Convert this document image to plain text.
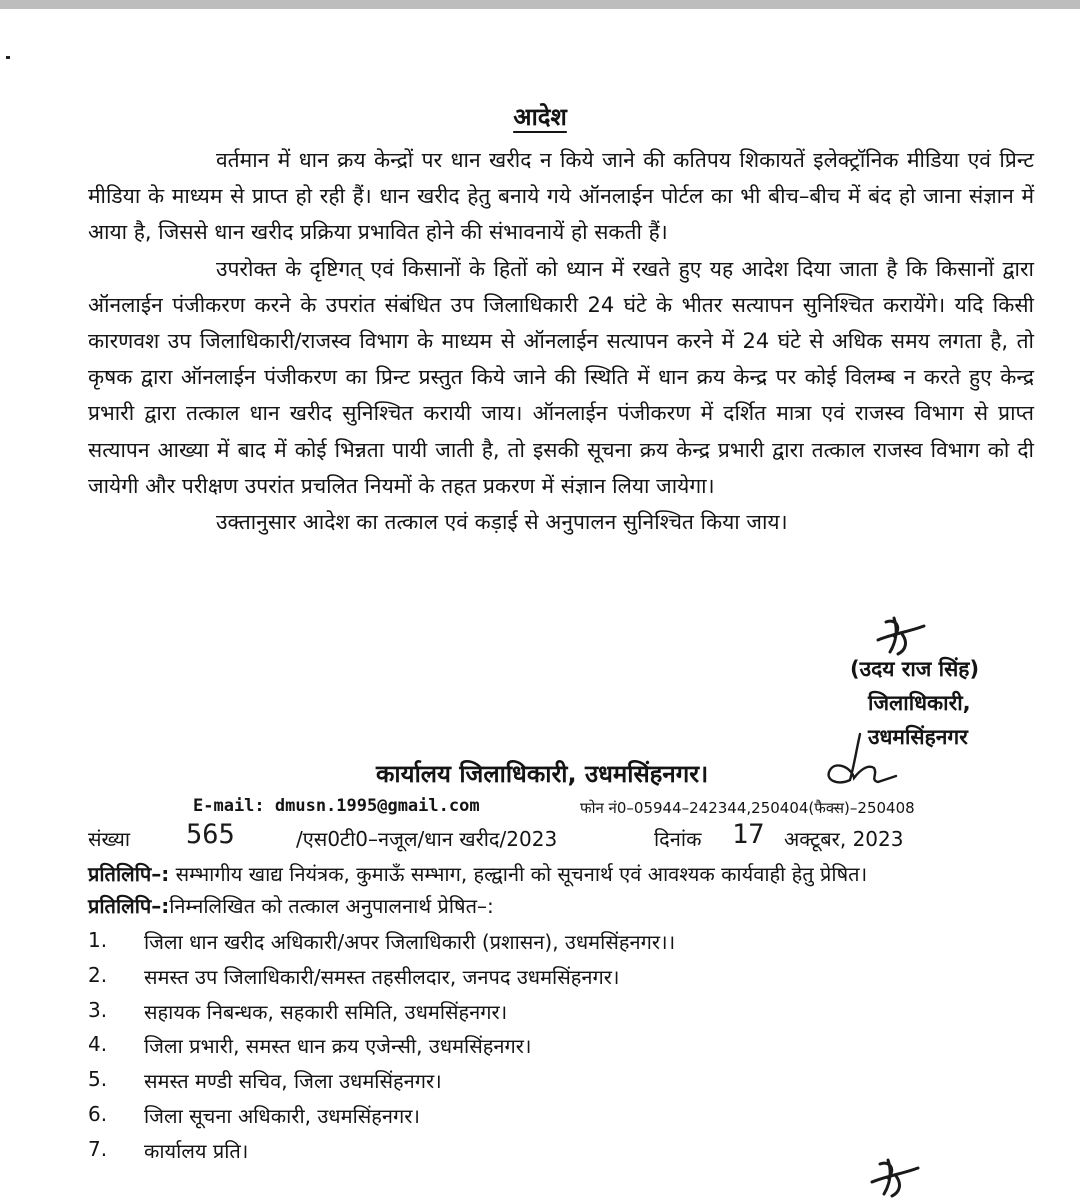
आदेश

वर्तमान में धान क्रय केन्द्रों पर धान खरीद न किये जाने की कतिपय शिकायतें इलेक्ट्रॉनिक मीडिया एवं प्रिन्ट मीडिया के माध्यम से प्राप्त हो रही हैं। धान खरीद हेतु बनाये गये ऑनलाईन पोर्टल का भी बीच–बीच में बंद हो जाना संज्ञान में आया है, जिससे धान खरीद प्रक्रिया प्रभावित होने की संभावनायें हो सकती हैं।

उपरोक्त के दृष्टिगत् एवं किसानों के हितों को ध्यान में रखते हुए यह आदेश दिया जाता है कि किसानों द्वारा ऑनलाईन पंजीकरण करने के उपरांत संबंधित उप जिलाधिकारी 24 घंटे के भीतर सत्यापन सुनिश्चित करायेंगे। यदि किसी कारणवश उप जिलाधिकारी/राजस्व विभाग के माध्यम से ऑनलाईन सत्यापन करने में 24 घंटे से अधिक समय लगता है, तो कृषक द्वारा ऑनलाईन पंजीकरण का प्रिन्ट प्रस्तुत किये जाने की स्थिति में धान क्रय केन्द्र पर कोई विलम्ब न करते हुए केन्द्र प्रभारी द्वारा तत्काल धान खरीद सुनिश्चित करायी जाय। ऑनलाईन पंजीकरण में दर्शित मात्रा एवं राजस्व विभाग से प्राप्त सत्यापन आख्या में बाद में कोई भिन्नता पायी जाती है, तो इसकी सूचना क्रय केन्द्र प्रभारी द्वारा तत्काल राजस्व विभाग को दी जायेगी और परीक्षण उपरांत प्रचलित नियमों के तहत प्रकरण में संज्ञान लिया जायेगा।

उक्तानुसार आदेश का तत्काल एवं कड़ाई से अनुपालन सुनिश्चित किया जाय।

(उदय राज सिंह)
जिलाधिकारी,
उधमसिंहनगर
कार्यालय जिलाधिकारी, उधमसिंहनगर।
E-mail: dmusn.1995@gmail.com	फोन नं0–05944–242344,250404(फैक्स)–250408
संख्या 565	/एस0टी0–नजूल/धान खरीद/2023	दिनांक 17 अक्टूबर, 2023
प्रतिलिपि–: सम्भागीय खाद्य नियंत्रक, कुमाऊँ सम्भाग, हल्द्वानी को सूचनार्थ एवं आवश्यक कार्यवाही हेतु प्रेषित।
प्रतिलिपि–:निम्नलिखित को तत्काल अनुपालनार्थ प्रेषित–:
1.	जिला धान खरीद अधिकारी/अपर जिलाधिकारी (प्रशासन), उधमसिंहनगर।।
2.	समस्त उप जिलाधिकारी/समस्त तहसीलदार, जनपद उधमसिंहनगर।
3.	सहायक निबन्धक, सहकारी समिति, उधमसिंहनगर।
4.	जिला प्रभारी, समस्त धान क्रय एजेन्सी, उधमसिंहनगर।
5.	समस्त मण्डी सचिव, जिला उधमसिंहनगर।
6.	जिला सूचना अधिकारी, उधमसिंहनगर।
7.	कार्यालय प्रति।
